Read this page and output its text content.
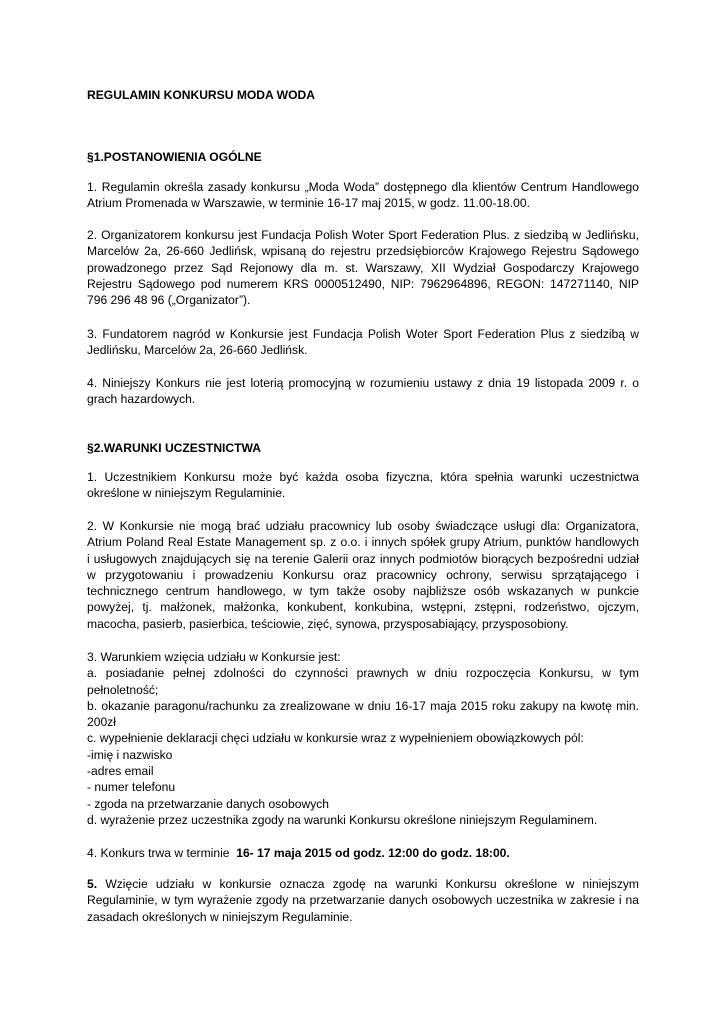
REGULAMIN KONKURSU MODA WODA
§1.POSTANOWIENIA OGÓLNE
1. Regulamin określa zasady konkursu „Moda Woda” dostępnego dla klientów Centrum Handlowego
Atrium Promenada w Warszawie, w terminie 16-17 maj 2015, w godz. 11.00-18.00.
2. Organizatorem konkursu jest Fundacja Polish Woter Sport Federation Plus. z siedzibą w Jedlińsku,
Marcelów 2a, 26-660 Jedlińsk, wpisaną do rejestru przedsiębiorców Krajowego Rejestru Sądowego
prowadzonego przez Sąd Rejonowy dla m. st. Warszawy, XII Wydział Gospodarczy Krajowego
Rejestru Sądowego pod numerem KRS 0000512490, NIP: 7962964896, REGON: 147271140, NIP
796 296 48 96 („Organizator”).
3. Fundatorem nagród w Konkursie jest Fundacja Polish Woter Sport Federation Plus z siedzibą w
Jedlińsku, Marcelów 2a, 26-660 Jedlińsk.
4. Niniejszy Konkurs nie jest loterią promocyjną w rozumieniu ustawy z dnia 19 listopada 2009 r. o
grach hazardowych.
§2.WARUNKI UCZESTNICTWA
1. Uczestnikiem Konkursu może być każda osoba fizyczna, która spełnia warunki uczestnictwa
określone w niniejszym Regulaminie.
2. W Konkursie nie mogą brać udziału pracownicy lub osoby świadczące usługi dla: Organizatora,
Atrium Poland Real Estate Management sp. z o.o. i innych spółek grupy Atrium, punktów handlowych
i usługowych znajdujących się na terenie Galerii oraz innych podmiotów biorących bezpośredni udział
w przygotowaniu i prowadzeniu Konkursu oraz pracownicy ochrony, serwisu sprzątającego i
technicznego centrum handlowego, w tym także osoby najbliższe osób wskazanych w punkcie
powyżej, tj. małżonek, małżonka, konkubent, konkubina, wstępni, zstępni, rodzeństwo, ojczym,
macocha, pasierb, pasierbica, teściowie, zięć, synowa, przysposabiający, przysposobiony.
3. Warunkiem wzięcia udziału w Konkursie jest:
a. posiadanie pełnej zdolności do czynności prawnych w dniu rozpoczęcia Konkursu, w tym
pełnoletność;
b. okazanie paragonu/rachunku za zrealizowane w dniu 16-17 maja 2015 roku zakupy na kwotę min.
200zł
c. wypełnienie deklaracji chęci udziału w konkursie wraz z wypełnieniem obowiązkowych pól:
-imię i nazwisko
-adres email
- numer telefonu
- zgoda na przetwarzanie danych osobowych
d. wyrażenie przez uczestnika zgody na warunki Konkursu określone niniejszym Regulaminem.
4. Konkurs trwa w terminie  16- 17 maja 2015 od godz. 12:00 do godz. 18:00.
5. Wzięcie udziału w konkursie oznacza zgodę na warunki Konkursu określone w niniejszym
Regulaminie, w tym wyrażenie zgody na przetwarzanie danych osobowych uczestnika w zakresie i na
zasadach określonych w niniejszym Regulaminie.
